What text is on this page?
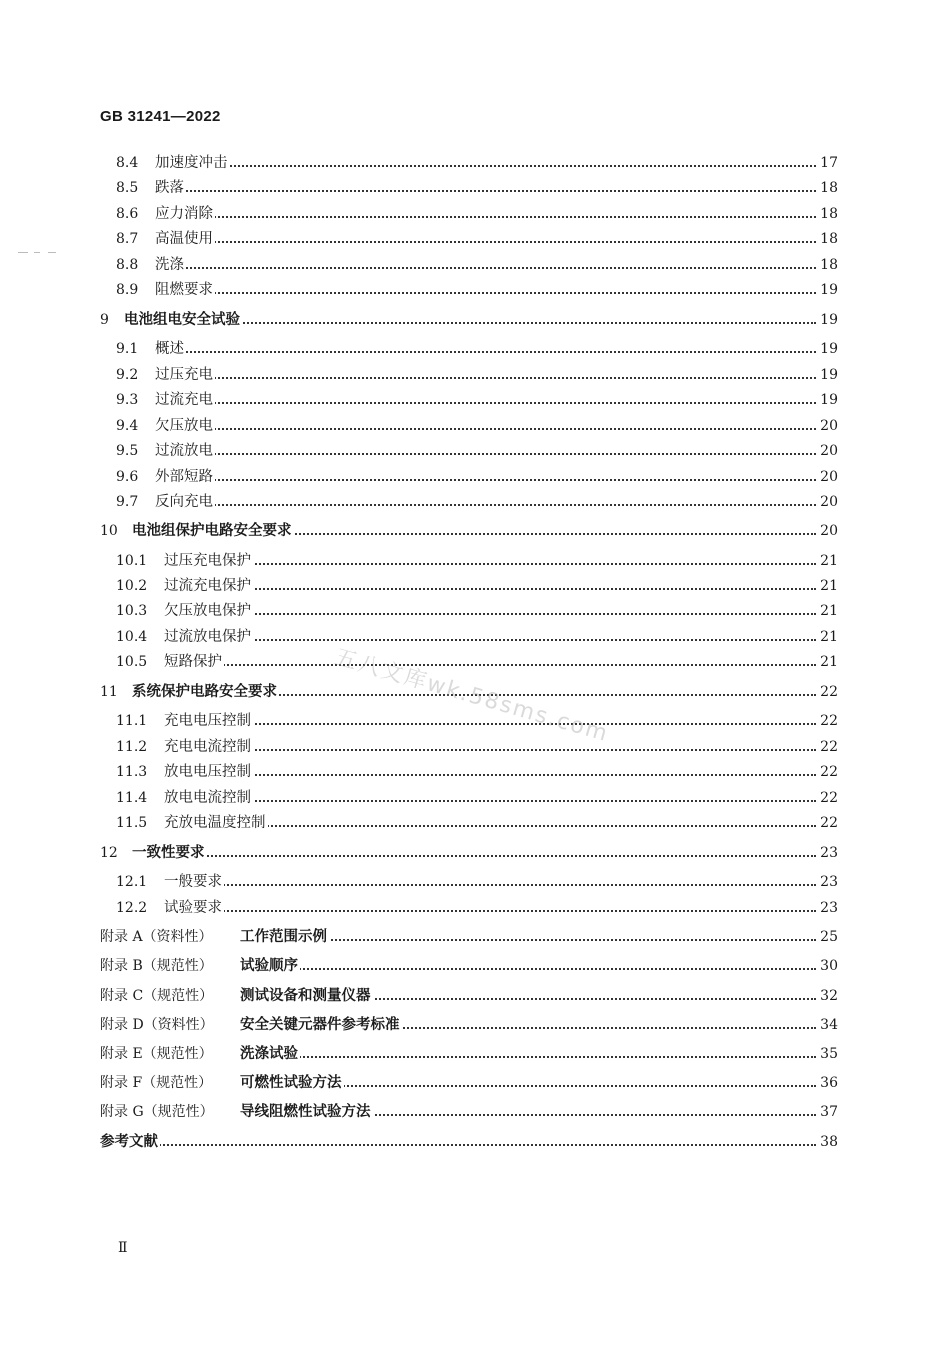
GB 31241—2022
8.4 加速度冲击	17
8.5 跌落	18
8.6 应力消除	18
8.7 高温使用	18
8.8 洗涤	18
8.9 阻燃要求	19
9 电池组电安全试验	19
9.1 概述	19
9.2 过压充电	19
9.3 过流充电	19
9.4 欠压放电	20
9.5 过流放电	20
9.6 外部短路	20
9.7 反向充电	20
10 电池组保护电路安全要求	20
10.1 过压充电保护	21
10.2 过流充电保护	21
10.3 欠压放电保护	21
10.4 过流放电保护	21
10.5 短路保护	21
11 系统保护电路安全要求	22
11.1 充电电压控制	22
11.2 充电电流控制	22
11.3 放电电压控制	22
11.4 放电电流控制	22
11.5 充放电温度控制	22
12 一致性要求	23
12.1 一般要求	23
12.2 试验要求	23
附录 A（资料性） 工作范围示例	25
附录 B（规范性） 试验顺序	30
附录 C（规范性） 测试设备和测量仪器	32
附录 D（资料性） 安全关键元器件参考标准	34
附录 E（规范性） 洗涤试验	35
附录 F（规范性） 可燃性试验方法	36
附录 G（规范性） 导线阻燃性试验方法	37
参考文献	38
五八文库wk.58sms.com
Ⅱ
